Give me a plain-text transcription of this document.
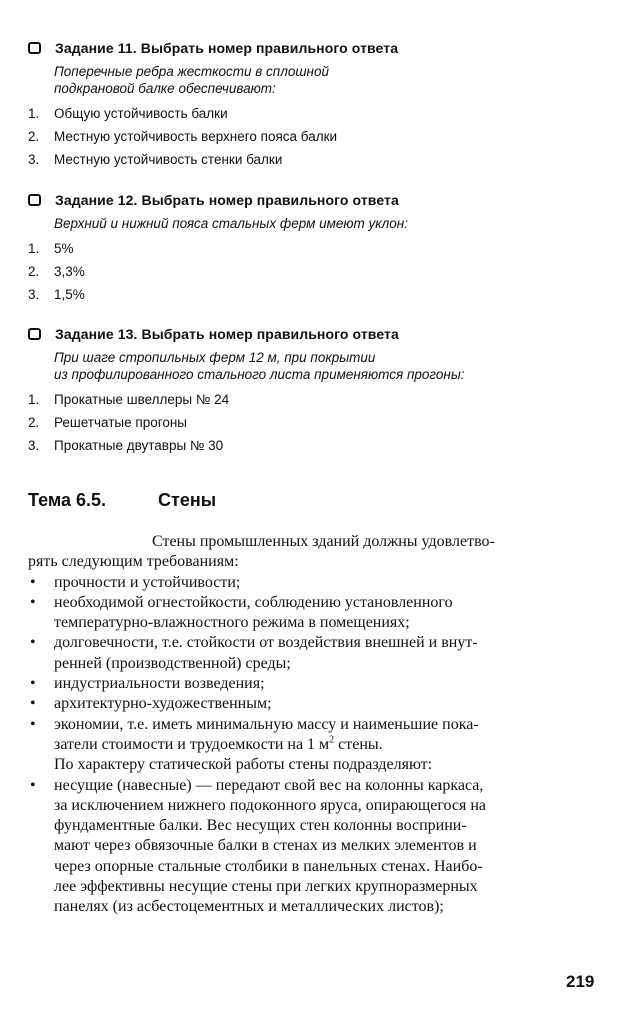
Задание 11. Выбрать номер правильного ответа
Поперечные ребра жесткости в сплошной
подкрановой балке обеспечивают:
1.	Общую устойчивость балки
2.	Местную устойчивость верхнего пояса балки
3.	Местную устойчивость стенки балки
Задание 12. Выбрать номер правильного ответа
Верхний и нижний пояса стальных ферм имеют уклон:
1.	5%
2.	3,3%
3.	1,5%
Задание 13. Выбрать номер правильного ответа
При шаге стропильных ферм 12 м, при покрытии
из профилированного стального листа применяются прогоны:
1.	Прокатные швеллеры № 24
2.	Решетчатые прогоны
3.	Прокатные двутавры № 30
Тема 6.5.	Стены

Стены промышленных зданий должны удовлетво-
рять следующим требованиям:

• прочности и устойчивости;
• необходимой огнестойкости, соблюдению установленного
температурно-влажностного режима в помещениях;
• долговечности, т.е. стойкости от воздействия внешней и внут-
ренней (производственной) среды;
• индустриальности возведения;
• архитектурно-художественным;
• экономии, т.е. иметь минимальную массу и наименьшие пока-
затели стоимости и трудоемкости на 1 $м^2$ стены.

По характеру статической работы стены подразделяют:

• несущие (навесные) — передают свой вес на колонны каркаса,
за исключением нижнего подоконного яруса, опирающегося на
фундаментные балки. Вес несущих стен колонны восприни-
мают через обвязочные балки в стенах из мелких элементов и
через опорные стальные столбики в панельных стенах. Наибо-
лее эффективны несущие стены при легких крупноразмерных
панелях (из асбестоцементных и металлических листов);
219
